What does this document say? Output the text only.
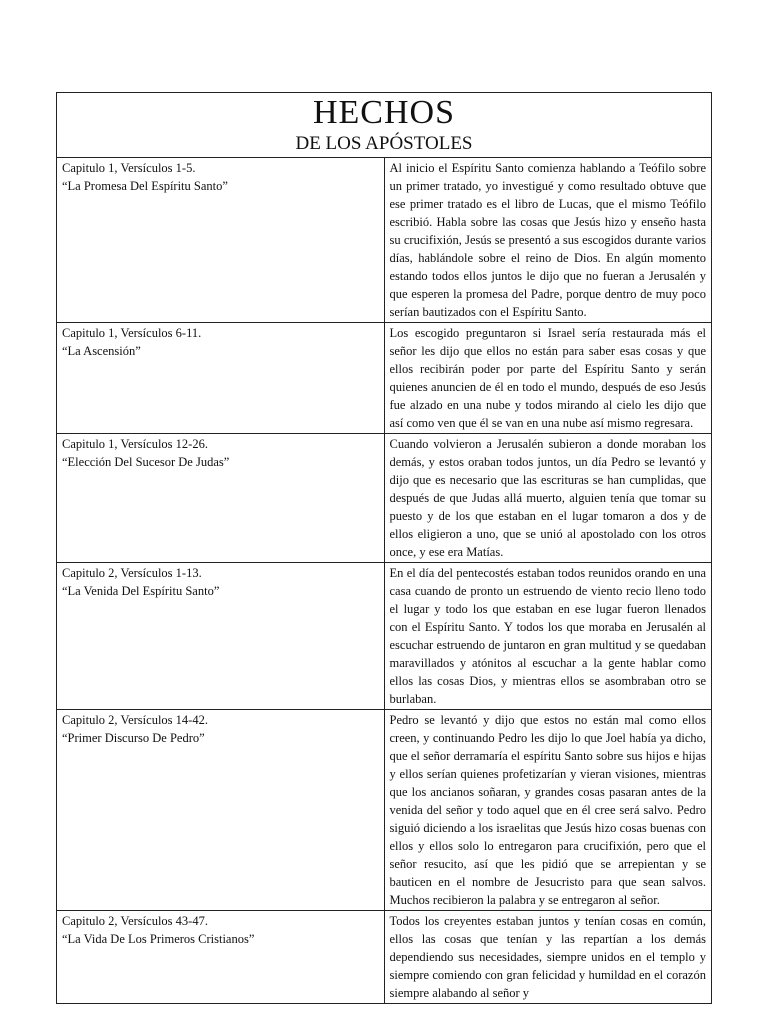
HECHOS
DE LOS APÓSTOLES	

Capitulo 1, Versículos 1-5.
“La Promesa Del Espíritu Santo”	Al inicio el Espíritu Santo comienza hablando a Teófilo sobre un primer tratado, yo investigué y como resultado obtuve que ese primer tratado es el libro de Lucas, que el mismo Teófilo escribió. Habla sobre las cosas que Jesús hizo y enseño hasta su crucifixión, Jesús se presentó a sus escogidos durante varios días, hablándole sobre el reino de Dios. En algún momento estando todos ellos juntos le dijo que no fueran a Jerusalén y que esperen la promesa del Padre, porque dentro de muy poco serían bautizados con el Espíritu Santo.

Capitulo 1, Versículos 6-11.
“La Ascensión”	Los escogido preguntaron si Israel sería restaurada más el señor les dijo que ellos no están para saber esas cosas y que ellos recibirán poder por parte del Espíritu Santo y serán quienes anuncien de él en todo el mundo, después de eso Jesús fue alzado en una nube y todos mirando al cielo les dijo que así como ven que él se van en una nube así mismo regresara.

Capitulo 1, Versículos 12-26.
“Elección Del Sucesor De Judas”	Cuando volvieron a Jerusalén subieron a donde moraban los demás, y estos oraban todos juntos, un día Pedro se levantó y dijo que es necesario que las escrituras se han cumplidas, que después de que Judas allá muerto, alguien tenía que tomar su puesto y de los que estaban en el lugar tomaron a dos y de ellos eligieron a uno, que se unió al apostolado con los otros once, y ese era Matías.

Capitulo 2, Versículos 1-13.
“La Venida Del Espíritu Santo”	En el día del pentecostés estaban todos reunidos orando en una casa cuando de pronto un estruendo de viento recio lleno todo el lugar y todo los que estaban en ese lugar fueron llenados con el Espíritu Santo. Y todos los que moraba en Jerusalén al escuchar estruendo de juntaron en gran multitud y se quedaban maravillados y atónitos al escuchar a la gente hablar como ellos las cosas Dios, y mientras ellos se asombraban otro se burlaban.

Capitulo 2, Versículos 14-42.
“Primer Discurso De Pedro”	Pedro se levantó y dijo que estos no están mal como ellos creen, y continuando Pedro les dijo lo que Joel había ya dicho, que el señor derramaría el espíritu Santo sobre sus hijos e hijas y ellos serían quienes profetizarían y vieran visiones, mientras que los ancianos soñaran, y grandes cosas pasaran antes de la venida del señor y todo aquel que en él cree será salvo. Pedro siguió diciendo a los israelitas que Jesús hizo cosas buenas con ellos y ellos solo lo entregaron para crucifixión, pero que el señor resucito, así que les pidió que se arrepientan y se bauticen en el nombre de Jesucristo para que sean salvos. Muchos recibieron la palabra y se entregaron al señor.

Capitulo 2, Versículos 43-47.
“La Vida De Los Primeros Cristianos”	Todos los creyentes estaban juntos y tenían cosas en común, ellos las cosas que tenían y las repartían a los demás dependiendo sus necesidades, siempre unidos en el templo y siempre comiendo con gran felicidad y humildad en el corazón siempre alabando al señor y
